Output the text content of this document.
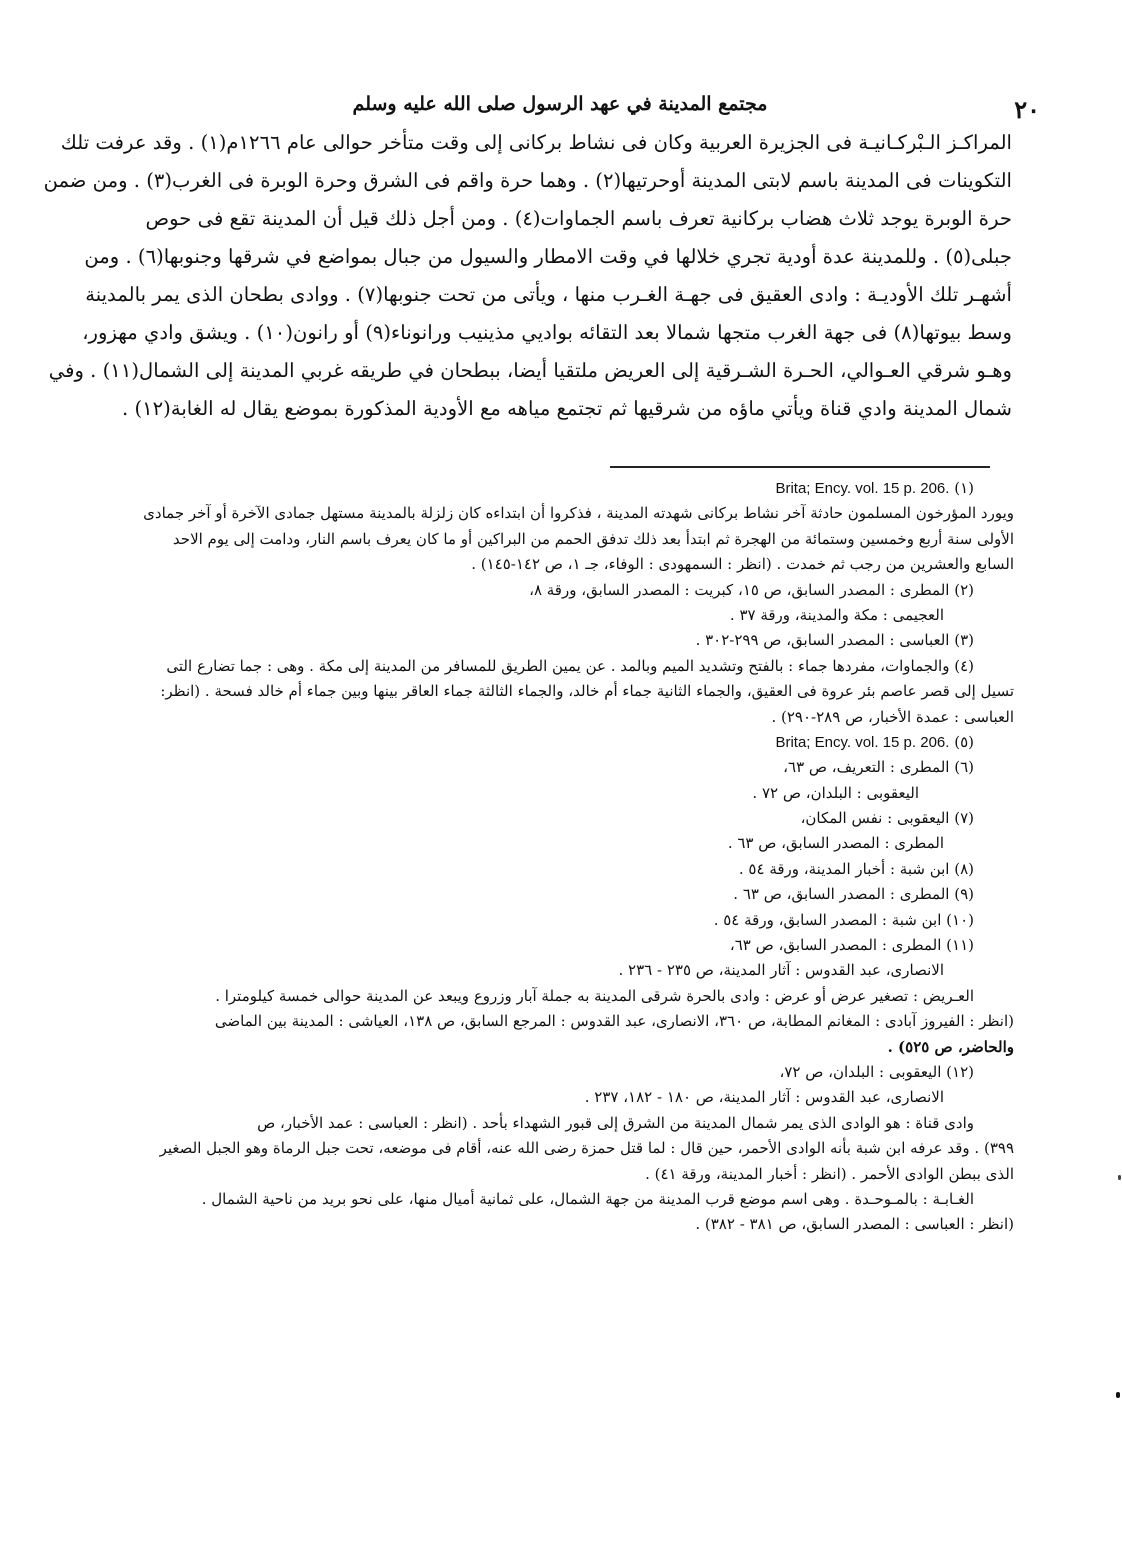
مجتمع المدينة في عهد الرسول صلى الله عليه وسلم	٢٠
المراكـز الـبْركـانيـة فى الجزيرة العربية وكان فى نشاط بركانى إلى وقت متأخر حوالى عام ١٢٦٦م(١) . وقد عرفت تلك
التكوينات فى المدينة باسم لابتى المدينة أوحرتيها(٢) . وهما حرة واقم فى الشرق وحرة الوبرة فى الغرب(٣) . ومن ضمن
حرة الوبرة يوجد ثلاث هضاب بركانية تعرف باسم الجماوات(٤) . ومن أجل ذلك قيل أن المدينة تقع فى حوص
جبلى(٥) . وللمدينة عدة أودية تجري خلالها في وقت الامطار والسيول من جبال بمواضع في شرقها وجنوبها(٦) . ومن
أشهـر تلك الأوديـة : وادى العقيق فى جهـة الغـرب منها ، ويأتى من تحت جنوبها(٧) . ووادى بطحان الذى يمر بالمدينة
وسط بيوتها(٨) فى جهة الغرب متجها شمالا بعد التقائه بواديي مذينيب ورانوناء(٩) أو رانون(١٠) . ويشق وادي مهزور،
وهـو شرقي العـوالي، الحـرة الشـرقية إلى العريض ملتقيا أيضا، ببطحان في طريقه غربي المدينة إلى الشمال(١١) . وفي
شمال المدينة وادي قناة ويأتي ماؤه من شرقيها ثم تجتمع مياهه مع الأودية المذكورة بموضع يقال له الغابة(١٢) .
(١) Brita; Ency. vol. 15 p. 206.
ويورد المؤرخون المسلمون حادثة آخر نشاط بركانى شهدته المدينة ، فذكروا أن ابتداءه كان زلزلة بالمدينة مستهل جمادى الآخرة أو آخر جمادى
الأولى سنة أربع وخمسين وستمائة من الهجرة ثم ابتدأ بعد ذلك تدفق الحمم من البراكين أو ما كان يعرف باسم النار، ودامت إلى يوم الاحد
السابع والعشرين من رجب ثم خمدت . (انظر : السمهودى : الوفاء، جـ ١، ص ١٤٢-١٤٥) .
(٢) المطرى : المصدر السابق، ص ١٥، كبريت : المصدر السابق، ورقة ٨،
العجيمى : مكة والمدينة، ورقة ٣٧ .
(٣) العباسى : المصدر السابق، ص ٢٩٩-٣٠٢ .
(٤) والجماوات، مفردها جماء : بالفتح وتشديد الميم وبالمد . عن يمين الطريق للمسافر من المدينة إلى مكة . وهى : جما تضارع التى
تسيل إلى قصر عاصم بئر عروة فى العقيق، والجماء الثانية جماء أم خالد، والجماء الثالثة جماء العاقر بينها وبين جماء أم خالد فسحة . (انظر:
العباسى : عمدة الأخبار، ص ٢٨٩-٢٩٠) .
(٥) Brita; Ency. vol. 15 p. 206.
(٦) المطرى : التعريف، ص ٦٣،
اليعقوبى : البلدان، ص ٧٢ .
(٧) اليعقوبى : نفس المكان،
المطرى : المصدر السابق، ص ٦٣ .
(٨) ابن شبة : أخبار المدينة، ورقة ٥٤ .
(٩) المطرى : المصدر السابق، ص ٦٣ .
(١٠) ابن شبة : المصدر السابق، ورقة ٥٤ .
(١١) المطرى : المصدر السابق، ص ٦٣،
الانصارى، عبد القدوس : آثار المدينة، ص ٢٣٥ - ٢٣٦ .
العـريض : تصغير عرض أو عرض : وادى بالحرة شرقى المدينة به جملة آبار وزروع ويبعد عن المدينة حوالى خمسة كيلومترا .
(انظر : الفيروز آبادى : المغانم المطابة، ص ٣٦٠، الانصارى، عبد القدوس : المرجع السابق، ص ١٣٨، العياشى : المدينة بين الماضى
والحاضر، ص ٥٢٥) .
(١٢) اليعقوبى : البلدان، ص ٧٢،
الانصارى، عبد القدوس : آثار المدينة، ص ١٨٠ - ١٨٢، ٢٣٧ .
وادى قناة : هو الوادى الذى يمر شمال المدينة من الشرق إلى قبور الشهداء بأحد . (انظر : العباسى : عمد الأخبار، ص
٣٩٩) . وقد عرفه ابن شبة بأنه الوادى الأحمر، حين قال : لما قتل حمزة رضى الله عنه، أقام فى موضعه، تحت جبل الرماة وهو الجبل الصغير
الذى ببطن الوادى الأحمر . (انظر : أخبار المدينة، ورقة ٤١) .
الغـابـة : بالمـوحـدة . وهى اسم موضع قرب المدينة من جهة الشمال، على ثمانية أميال منها، على نحو بريد من ناحية الشمال .
(انظر : العباسى : المصدر السابق، ص ٣٨١ - ٣٨٢) .
